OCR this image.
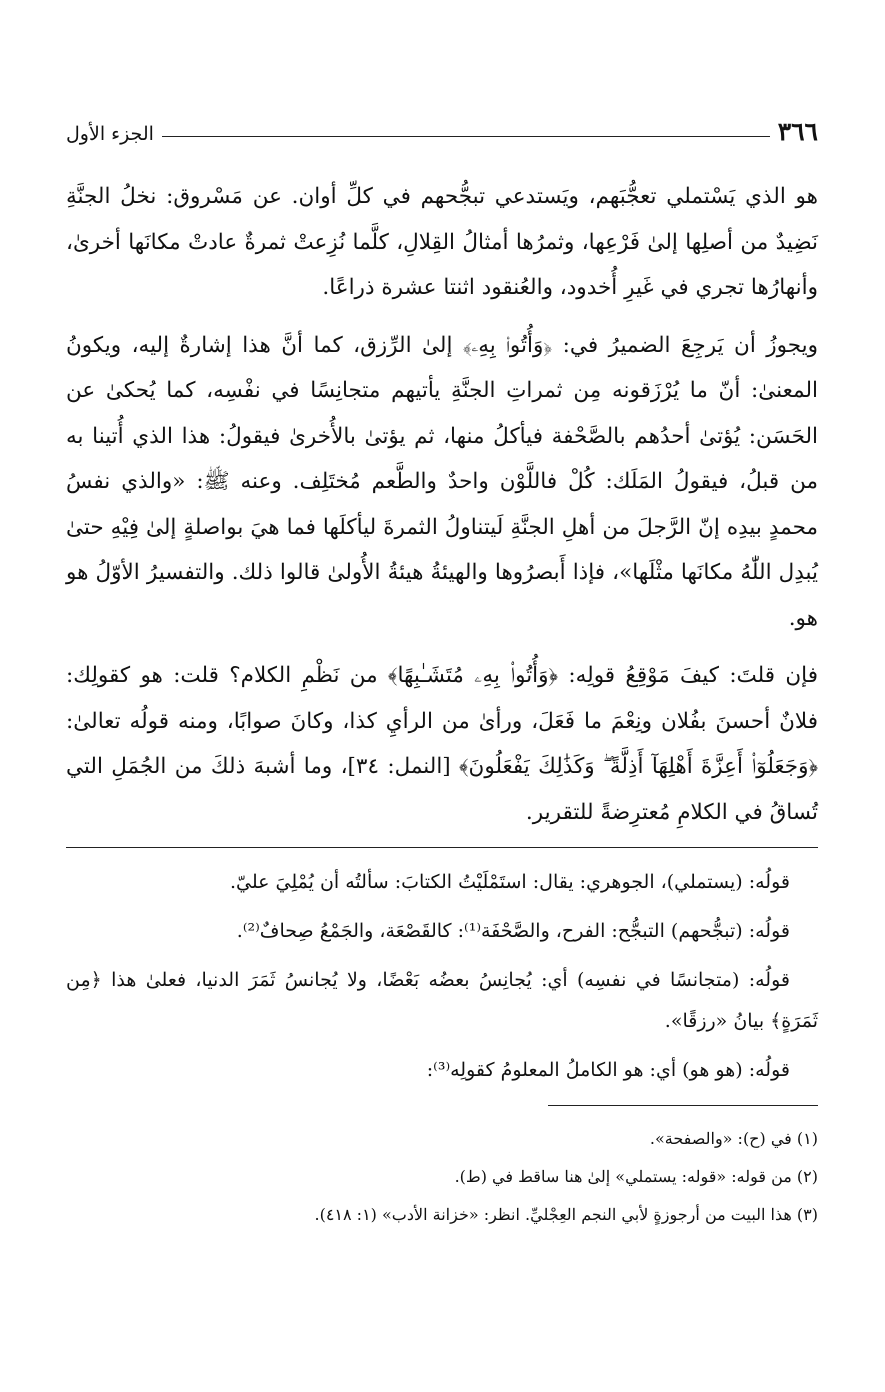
٣٦٦
الجزء الأول

هو الذي يَسْتملي تعجُّبَهم، ويَستدعي تبجُّحهم في كلِّ أوان. عن مَسْروق: نخلُ الجنَّةِ نَضِيدٌ من أصلِها إلىٰ فَرْعِها، وثمرُها أمثالُ القِلالِ، كلَّما نُزِعتْ ثمرةٌ عادتْ مكانَها أخرىٰ، وأنهارُها تجري في غَيرِ أُخدود، والعُنقود اثنتا عشرة ذراعًا.

ويجوزُ أن يَرجِعَ الضميرُ في: ﴿وَأُتُوا۟ بِهِۦ﴾ إلىٰ الرِّزق، كما أنَّ هذا إشارةٌ إليه، ويكونُ المعنىٰ: أنّ ما يُرْزَقونه مِن ثمراتِ الجنَّةِ يأتيهم متجانِسًا في نفْسِه، كما يُحكىٰ عن الحَسَن: يُؤتىٰ أحدُهم بالصَّحْفة فيأكلُ منها، ثم يؤتىٰ بالأُخرىٰ فيقولُ: هذا الذي أُتينا به من قبلُ، فيقولُ المَلَك: كُلْ فاللَّوْن واحدٌ والطَّعم مُختَلِف. وعنه ﷺ: «والذي نفسُ محمدٍ بيدِه إنّ الرَّجلَ من أهلِ الجنَّةِ لَيتناولُ الثمرةَ ليأكلَها فما هيَ بواصلةٍ إلىٰ فِيْهِ حتىٰ يُبدِل اللّٰهُ مكانَها مثْلَها»، فإذا أَبصرُوها والهيئةُ هيئةُ الأُولىٰ قالوا ذلك. والتفسيرُ الأوّلُ هو هو.

فإن قلتَ: كيفَ مَوْقِعُ قولِه: ﴿وَأُتُوا۟ بِهِۦ مُتَشَـٰبِهًا﴾ من نَظْمِ الكلام؟ قلت: هو كقولِك: فلانٌ أحسنَ بفُلان ونِعْمَ ما فَعَلَ، ورأىٰ من الرأيِ كذا، وكانَ صوابًا، ومنه قولُه تعالىٰ: ﴿وَجَعَلُوٓا۟ أَعِزَّةَ أَهْلِهَآ أَذِلَّةً ۖ وَكَذَٰلِكَ يَفْعَلُونَ﴾ [النمل: ٣٤]، وما أشبهَ ذلكَ من الجُمَلِ التي تُساقُ في الكلامِ مُعترِضةً للتقرير.

قولُه: (يستملي)، الجوهري: يقال: استَمْلَيْتُ الكتابَ: سألتُه أن يُمْلِيَ عليّ.

قولُه: (تبجُّحهم) التبجُّح: الفرح، والصَّحْفَة⁽¹⁾: كالقَصْعَة، والجَمْعُ صِحافٌ⁽²⁾.

قولُه: (متجانسًا في نفسِه) أي: يُجانِسُ بعضُه بَعْضًا، ولا يُجانسُ ثَمَرَ الدنيا، فعلىٰ هذا ﴿مِن ثَمَرَةٍ﴾ بيانُ «رزقًا».

قولُه: (هو هو) أي: هو الكاملُ المعلومُ كقولِه⁽³⁾:

(١) في (ح): «والصفحة».

(٢) من قوله: «قوله: يستملي» إلىٰ هنا ساقط في (ط).

(٣) هذا البيت من أرجوزةٍ لأبي النجم العِجْليِّ. انظر: «خزانة الأدب» (١: ٤١٨).
